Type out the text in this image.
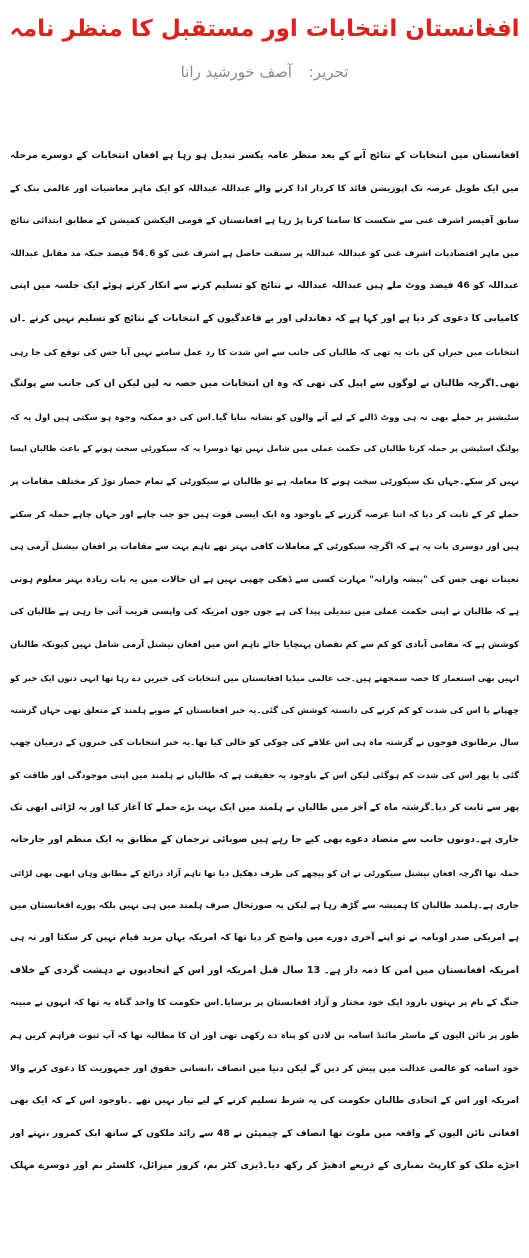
افغانستان انتخابات اور مستقبل کا منظر نامہ
تحریر: آصف خورشید رانا
افغانستان میں انتخابات کے نتائج آنے کے بعد منظر عامہ یکسر تبدیل ہو رہا ہے افغان انتخابات کے دوسرے مرحلہ
میں ایک طویل عرصہ تک اپوزیشن قائد کا کردار ادا کرنے والے عبداللہ عبداللہ کو ایک ماہر معاشیات اور عالمی بنک کے
سابق آفیسر اشرف غنی سے شکست کا سامنا کرنا پڑ رہا ہے افغانستان کے قومی الیکشن کمیشن کے مطابق ابتدائی نتائج
میں ماہر اقتصادیات اشرف غنی کو عبداللہ عبداللہ پر سبقت حاصل ہے اشرف غنی کو 6۔54 فیصد جبکہ مد مقابل عبداللہ
عبداللہ کو 46 فیصد ووٹ ملے ہیں عبداللہ عبداللہ نے نتائج کو تسلیم کرنے سے انکار کرتے ہوئے ایک جلسہ میں اپنی
کامیابی کا دعوی کر دیا ہے اور کہا ہے کہ دھاندلی اور بے قاعدگیوں کے انتخابات کے نتائج کو تسلیم نہیں کرتے ۔ان
انتخابات میں حیران کن بات یہ تھی کہ طالبان کی جانب سے اس شدت کا رد عمل سامنے نہیں آیا جس کی توقع کی جا رہی
تھی۔اگرچہ طالبان نے لوگوں سے اپیل کی تھی کہ وہ ان انتخابات میں حصہ نہ لیں لیکن ان کی جانب سے پولنگ
سٹیشنز پر حملے بھی نہ ہی ووٹ ڈالنے کے لیے آنے والوں کو نشانہ بنایا گیا۔اس کی دو ممکنہ وجوہ ہو سکتی ہیں اول یہ کہ
پولنگ اسٹیشن پر حملہ کرنا طالبان کی حکمت عملی میں شامل نہیں تھا دوسرا یہ کہ سیکورٹی سخت ہونے کے باعث طالبان ایسا
نہیں کر سکے۔جہاں تک سیکورٹی سخت ہونے کا معاملہ ہے تو طالبان نے سیکورٹی کے تمام حصار توڑ کر مختلف مقامات پر
حملے کر کے ثابت کر دیا کہ اتنا عرصہ گزرنے کے باوجود وہ ایک ایسی قوت ہیں جو جب چاہے اور جہاں چاہے حملہ کر سکتے
ہیں اور دوسری بات یہ ہے کہ اگرچہ سیکورٹی کے معاملات کافی بہتر تھے تاہم بہت سے مقامات پر افغان نیشنل آرمی ہی
تعینات تھی جس کی "پیشہ وارانہ" مہارت کسی سے ڈھکی چھپی نہیں ہے ان حالات میں یہ بات زیادہ بہتر معلوم ہوتی
ہے کہ طالبان نے اپنی حکمت عملی میں تبدیلی پیدا کی ہے جوں جوں امریکہ کی واپسی قریب آتی جا رہی ہے طالبان کی
کوشش ہے کہ مقامی آبادی کو کم سے کم نقصان پہنچایا جائے تاہم اس میں افغان نیشنل آرمی شامل نہیں کیونکہ طالبان
انہیں بھی استعمار کا حصہ سمجھتے ہیں۔جب عالمی میڈیا افغانستان میں انتخابات کی خبریں دے رہا تھا انہی دنوں ایک خبر کو
چھپانے یا اس کی شدت کو کم کرنے کی دانستہ کوشش کی گئی۔یہ خبر افغانستان کے صوبے ہلمند کے متعلق تھی جہاں گزشتہ
سال برطانوی فوجوں نے گزشتہ ماہ ہی اس علاقے کی چوکی کو خالی کیا تھا۔یہ خبر انتخابات کی خبروں کے درمیان چھپ
گئی یا پھر اس کی شدت کم ہوگئی لیکن اس کے باوجود یہ حقیقت ہے کہ طالبان نے ہلمند میں اپنی موجودگی اور طاقت کو
پھر سے ثابت کر دیا۔گزشتہ ماہ کے آخر میں طالبان نے ہلمند میں ایک بہت بڑے حملے کا آغاز کیا اور یہ لڑائی ابھی تک
جاری ہے۔دونوں جانب سے متضاد دعوے بھی کیے جا رہے ہیں صوبائی ترجمان کے مطابق یہ ایک منظم اور جارحانہ
حملہ تھا اگرچہ افغان نیشنل سیکورٹی نے ان کو پیچھے کی طرف دھکیل دیا تھا تاہم آزاد ذرائع کے مطابق وہاں ابھی بھی لڑائی
جاری ہے۔ہلمند طالبان کا ہمیشہ سے گڑھ رہا ہے لیکن یہ صورتحال صرف ہلمند میں ہی نہیں بلکہ پورے افغانستان میں
ہے امریکی صدر اوبامہ نے تو اپنے آخری دورے میں واضح کر دیا تھا کہ امریکہ یہاں مزید قیام نہیں کر سکتا اور نہ ہی
امریکہ افغانستان میں امن کا ذمہ دار ہے۔ 13 سال قبل امریکہ اور اس کے اتحادیوں نے دہشت گردی کے خلاف
جنگ کے نام پر نہتوں بارود ایک خود مختار و آزاد افغانستان پر برسایا۔اس حکومت کا واحد گناہ یہ تھا کہ انہوں نے مبینہ
طور پر نائن الیون کے ماسٹر مائنڈ اسامہ بن لادن کو پناہ دے رکھی تھی اور ان کا مطالبہ تھا کہ آپ ثبوت فراہم کریں ہم
خود اسامہ کو عالمی عدالت میں پیش کر دیں گے لیکن دنیا میں انصاف ،انسانی حقوق اور جمہوریت کا دعوی کرنے والا
امریکہ اور اس کے اتحادی طالبان حکومت کی یہ شرط تسلیم کرنے کے لیے تیار نہیں تھے ۔باوجود اس کے کہ ایک بھی
افغانی نائن الیون کے واقعہ میں ملوث تھا انصاف کے چیمپئن نے 48 سے زائد ملکوں کے ساتھ ایک کمزور ،نہتے اور
اجڑے ملک کو کارپٹ بمباری کے ذریعے ادھیڑ کر رکھ دیا۔ڈیزی کٹر بم، کروز میزائل، کلسٹر بم اور دوسرے مہلک
